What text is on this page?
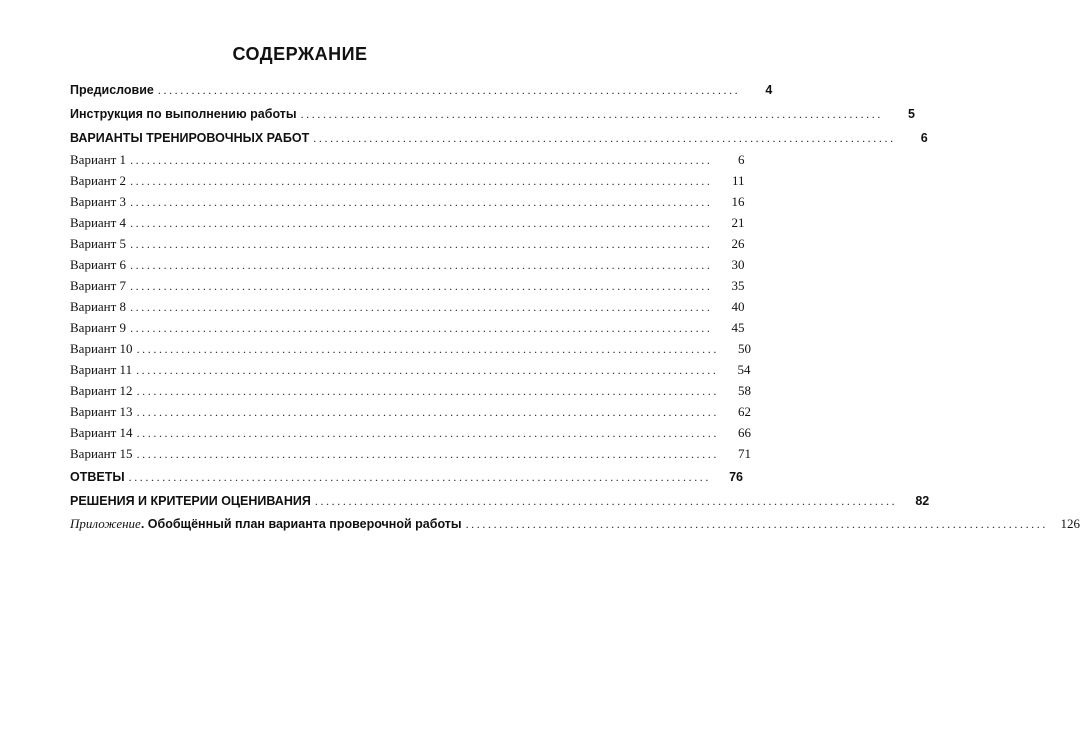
СОДЕРЖАНИЕ
Предисловие ........................................................................................................	4
Инструкция по выполнению работы ........................................................................................................	5
ВАРИАНТЫ ТРЕНИРОВОЧНЫХ РАБОТ ........................................................................................................	6
Вариант 1 ........................................................................................................	6
Вариант 2 ........................................................................................................	11
Вариант 3 ........................................................................................................	16
Вариант 4 ........................................................................................................	21
Вариант 5 ........................................................................................................	26
Вариант 6 ........................................................................................................	30
Вариант 7 ........................................................................................................	35
Вариант 8 ........................................................................................................	40
Вариант 9 ........................................................................................................	45
Вариант 10 ........................................................................................................	50
Вариант 11 ........................................................................................................	54
Вариант 12 ........................................................................................................	58
Вариант 13 ........................................................................................................	62
Вариант 14 ........................................................................................................	66
Вариант 15 ........................................................................................................	71
ОТВЕТЫ ........................................................................................................	76
РЕШЕНИЯ И КРИТЕРИИ ОЦЕНИВАНИЯ ........................................................................................................	82
Приложение. Обобщённый план варианта проверочной работы ........................................................................................................ 126
